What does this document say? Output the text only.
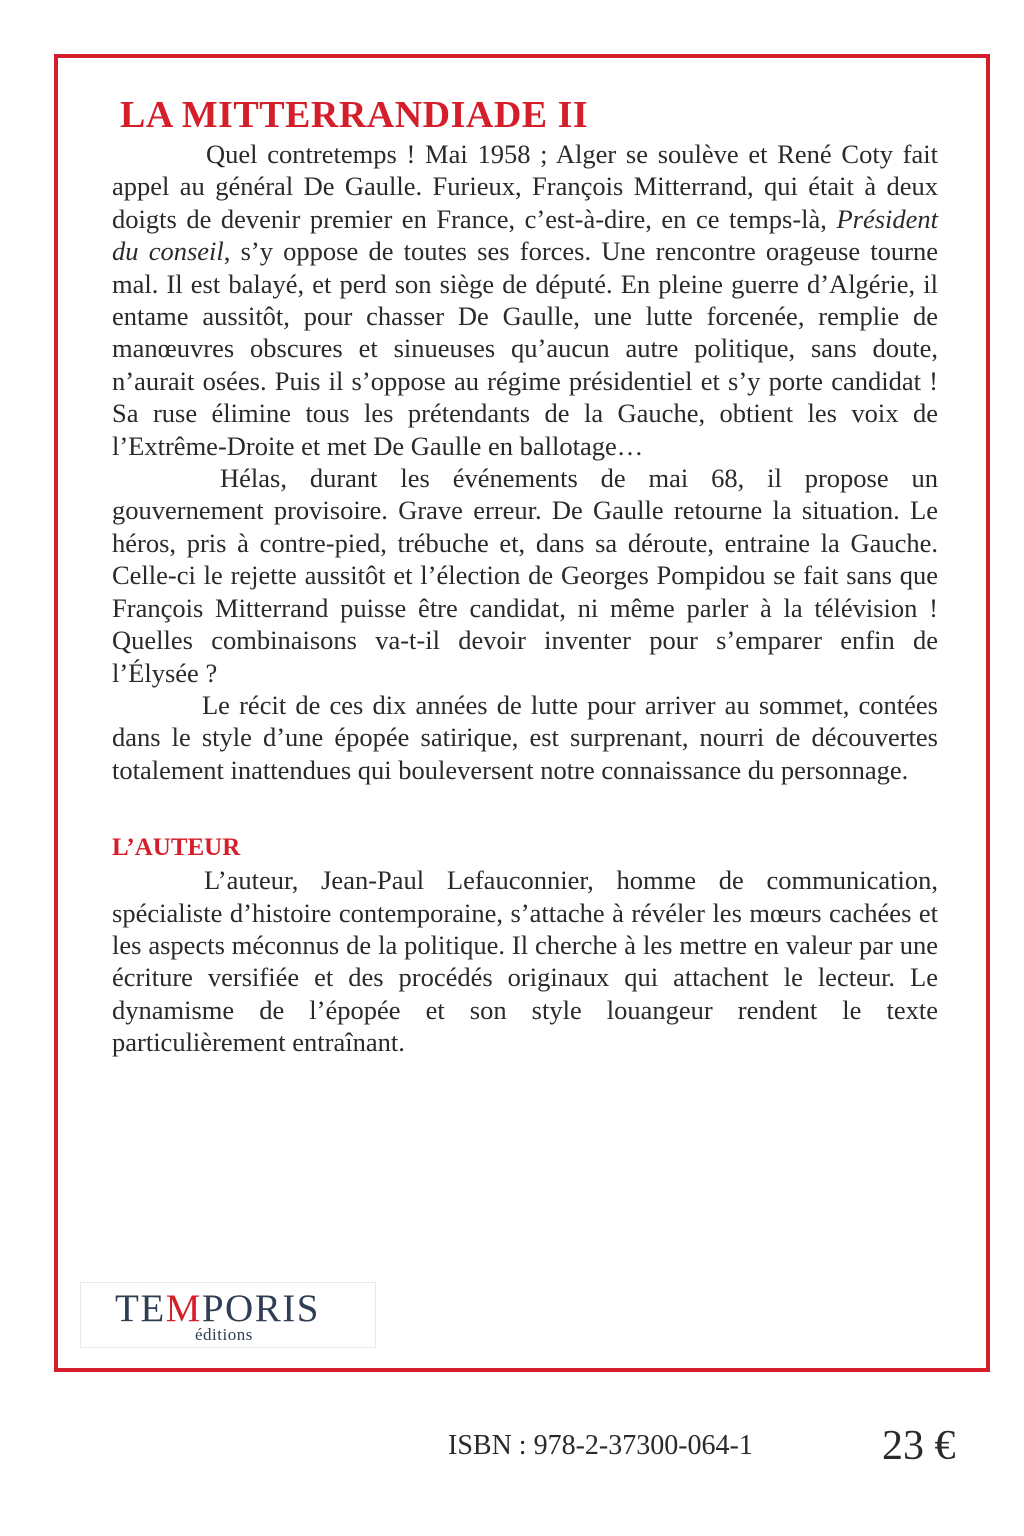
LA MITTERRANDIADE II

Quel contretemps ! Mai 1958 ; Alger se soulève et René Coty fait appel au général De Gaulle. Furieux, François Mitterrand, qui était à deux doigts de devenir premier en France, c’est-à-dire, en ce temps-là, Président du conseil, s’y oppose de toutes ses forces. Une rencontre orageuse tourne mal. Il est balayé, et perd son siège de député. En pleine guerre d’Algérie, il entame aussitôt, pour chasser De Gaulle, une lutte forcenée, remplie de manœuvres obscures et sinueuses qu’aucun autre politique, sans doute, n’aurait osées. Puis il s’oppose au régime présidentiel et s’y porte candidat ! Sa ruse élimine tous les prétendants de la Gauche, obtient les voix de l’Extrême-Droite et met De Gaulle en ballotage…

Hélas, durant les événements de mai 68, il propose un gouvernement provisoire. Grave erreur. De Gaulle retourne la situation. Le héros, pris à contre-pied, trébuche et, dans sa déroute, entraine la Gauche. Celle-ci le rejette aussitôt et l’élection de Georges Pompidou se fait sans que François Mitterrand puisse être candidat, ni même parler à la télévision ! Quelles combinaisons va-t-il devoir inventer pour s’emparer enfin de l’Élysée ?

Le récit de ces dix années de lutte pour arriver au sommet, contées dans le style d’une épopée satirique, est surprenant, nourri de découvertes totalement inattendues qui bouleversent notre connaissance du personnage.

L’AUTEUR

L’auteur, Jean-Paul Lefauconnier, homme de communication, spécialiste d’histoire contemporaine, s’attache à révéler les mœurs cachées et les aspects méconnus de la politique. Il cherche à les mettre en valeur par une écriture versifiée et des procédés originaux qui attachent le lecteur. Le dynamisme de l’épopée et son style louangeur rendent le texte particulièrement entraînant.

TEMPORIS
éditions
ISBN : 978-2-37300-064-1	23 €
